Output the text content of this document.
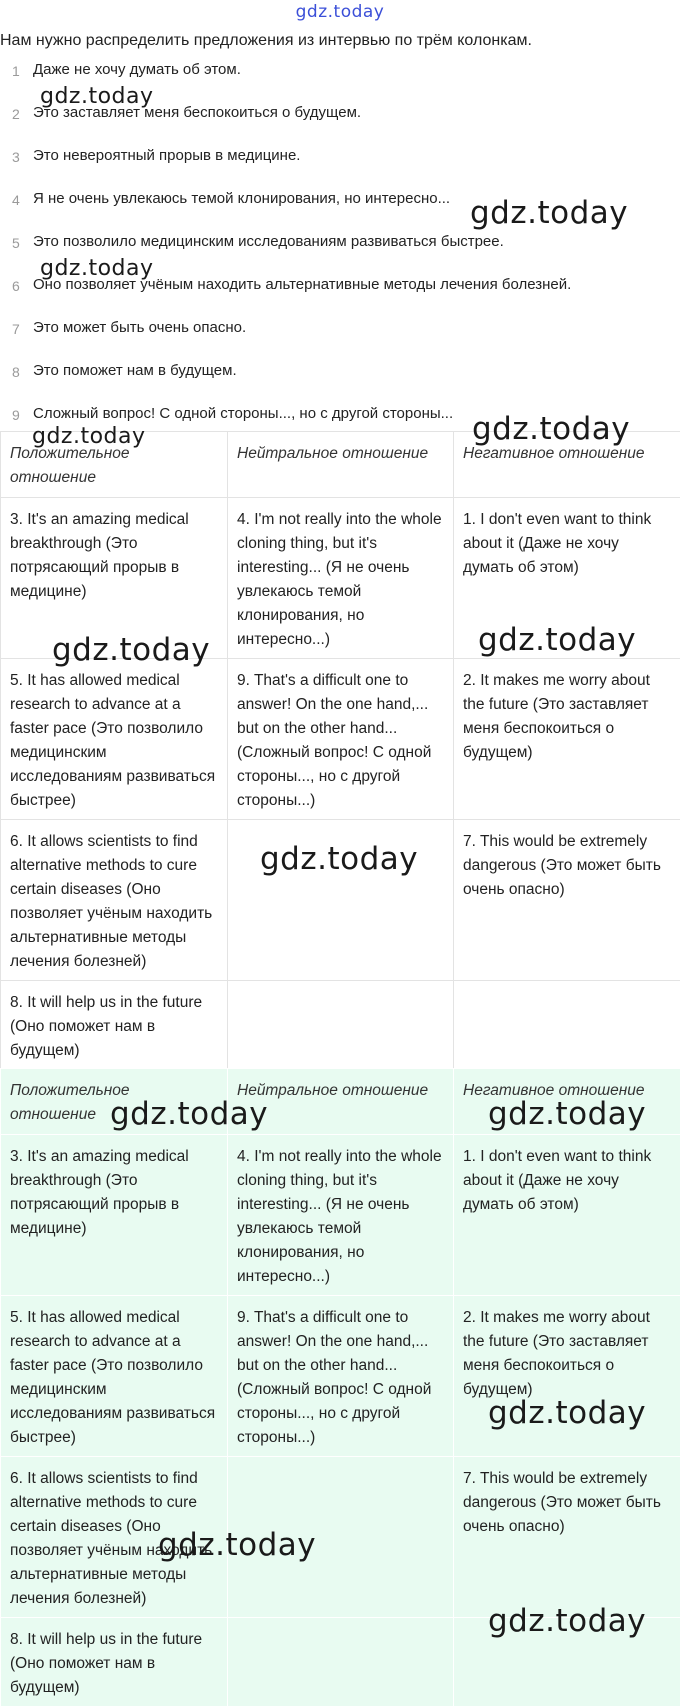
gdz.today
Нам нужно распределить предложения из интервью по трём колонкам.
1 Даже не хочу думать об этом.
2 Это заставляет меня беспокоиться о будущем.
3 Это невероятный прорыв в медицине.
4 Я не очень увлекаюсь темой клонирования, но интересно...
5 Это позволило медицинским исследованиям развиваться быстрее.
6 Оно позволяет учёным находить альтернативные методы лечения болезней.
7 Это может быть очень опасно.
8 Это поможет нам в будущем.
9 Сложный вопрос! С одной стороны..., но с другой стороны...
Положительное отношение	Нейтральное отношение	Негативное отношение
3. It's an amazing medical breakthrough (Это потрясающий прорыв в медицине)	4. I'm not really into the whole cloning thing, but it's interesting... (Я не очень увлекаюсь темой клонирования, но интересно...)	1. I don't even want to think about it (Даже не хочу думать об этом)
5. It has allowed medical research to advance at a faster pace (Это позволило медицинским исследованиям развиваться быстрее)	9. That's a difficult one to answer! On the one hand,... but on the other hand... (Сложный вопрос! С одной стороны..., но с другой стороны...)	2. It makes me worry about the future (Это заставляет меня беспокоиться о будущем)
6. It allows scientists to find alternative methods to cure certain diseases (Оно позволяет учёным находить альтернативные методы лечения болезней)		7. This would be extremely dangerous (Это может быть очень опасно)
8. It will help us in the future (Оно поможет нам в будущем)		
Положительное отношение	Нейтральное отношение	Негативное отношение
3. It's an amazing medical breakthrough (Это потрясающий прорыв в медицине)	4. I'm not really into the whole cloning thing, but it's interesting... (Я не очень увлекаюсь темой клонирования, но интересно...)	1. I don't even want to think about it (Даже не хочу думать об этом)
5. It has allowed medical research to advance at a faster pace (Это позволило медицинским исследованиям развиваться быстрее)	9. That's a difficult one to answer! On the one hand,... but on the other hand... (Сложный вопрос! С одной стороны..., но с другой стороны...)	2. It makes me worry about the future (Это заставляет меня беспокоиться о будущем)
6. It allows scientists to find alternative methods to cure certain diseases (Оно позволяет учёным находить альтернативные методы лечения болезней)		7. This would be extremely dangerous (Это может быть очень опасно)
8. It will help us in the future (Оно поможет нам в будущем)		
gdz.today
gdz.today
gdz.today
gdz.today
gdz.today
gdz.today
gdz.today
gdz.today
gdz.today	gdz.today
gdz.today
gdz.today
gdz.today
